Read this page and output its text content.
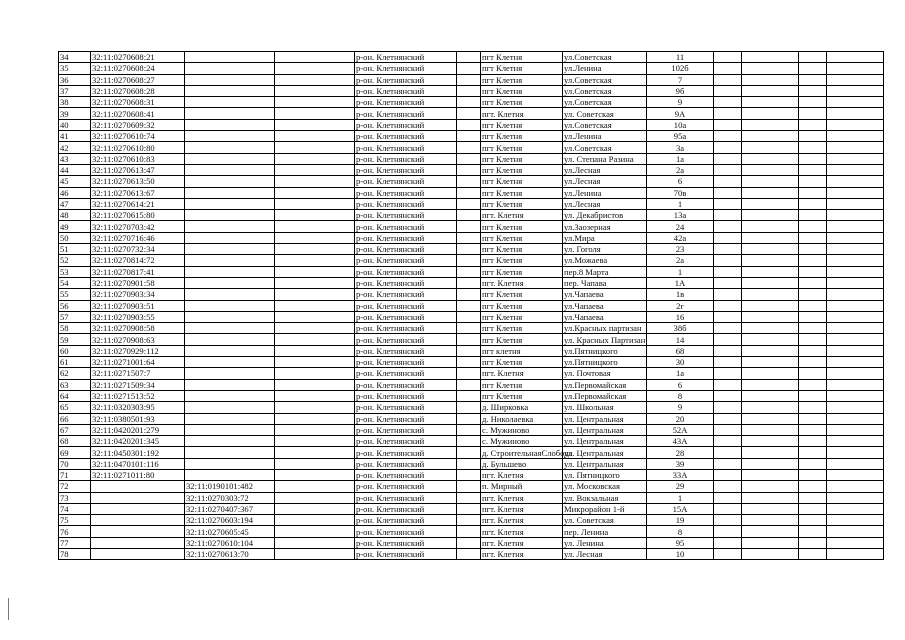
34	32:11:0270608:21			р-он. Клетнянский		пгт Клетня	ул.Советская	11				
35	32:11:0270608:24			р-он. Клетнянский		пгт Клетня	ул.Ленина	102б				
36	32:11:0270608:27			р-он. Клетнянский		пгт Клетня	ул.Советская	7				
37	32:11:0270608:28			р-он. Клетнянский		пгт Клетня	ул.Советская	9б				
38	32:11:0270608:31			р-он. Клетнянский		пгт Клетня	ул.Советская	9				
39	32:11:0270608:41			р-он. Клетнянский		пгт. Клетня	ул. Советская	9А				
40	32:11:0270609:32			р-он. Клетнянский		пгт Клетня	ул.Советская	10а				
41	32:11:0270610:74			р-он. Клетнянский		пгт Клетня	ул.Ленина	95а				
42	32:11:0270610:80			р-он. Клетнянский		пгт Клетня	ул.Советская	3а				
43	32:11:0270610:83			р-он. Клетнянский		пгт Клетня	ул. Степана Разина	1а				
44	32:11:0270613:47			р-он. Клетнянский		пгт Клетня	ул.Лесная	2а				
45	32:11:0270613:50			р-он. Клетнянский		пгт Клетня	ул.Лесная	6				
46	32:11:0270613:67			р-он. Клетнянский		пгт Клетня	ул.Ленина	70в				
47	32:11:0270614:21			р-он. Клетнянский		пгт Клетня	ул.Лесная	1				
48	32:11:0270615:80			р-он. Клетнянский		пгт. Клетня	ул. Декабристов	13а				
49	32:11:0270703:42			р-он. Клетнянский		пгт Клетня	ул.Заозерная	24				
50	32:11:0270716:46			р-он. Клетнянский		пгт Клетня	ул.Мира	42а				
51	32:11:0270732:34			р-он. Клетнянский		пгт Клетня	ул. Гоголя	23				
52	32:11:0270814:72			р-он. Клетнянский		пгт Клетня	ул.Можаева	2а				
53	32:11:0270817:41			р-он. Клетнянский		пгт Клетня	пер.8 Марта	1				
54	32:11:0270901:58			р-он. Клетнянский		пгт. Клетня	пер. Чапава	1А				
55	32:11:0270903:34			р-он. Клетнянский		пгт Клетня	ул.Чапаева	1в				
56	32:11:0270903:51			р-он. Клетнянский		пгт Клетня	ул.Чапаева	2г				
57	32:11:0270903:55			р-он. Клетнянский		пгт Клетня	ул.Чапаева	16				
58	32:11:0270908:58			р-он. Клетнянский		пгт Клетня	ул.Красных партизан	38б				
59	32:11:0270908:63			р-он. Клетнянский		пгт Клетня	ул. Красных Партизан	14				
60	32:11:0270929:112			р-он. Клетнянский		пгт клетня	ул.Пятницкого	68				
61	32:11:0271001:64			р-он. Клетнянский		пгт Клетня	ул.Пятницкого	30				
62	32:11:0271507:7			р-он. Клетнянский		пгт. Клетня	ул. Почтовая	1а				
63	32:11:0271509:34			р-он. Клетнянский		пгт Клетня	ул.Первомайская	6				
64	32:11:0271513:52			р-он. Клетнянский		пгт Клетня	ул.Первомайская	8				
65	32:11:0320303:95			р-он. Клетнянский		д. Ширковка	ул. Школьная	9				
66	32:11:0380501:93			р-он. Клетнянский		д. Николаевка	ул. Центральная	20				
67	32:11:0420201:279			р-он. Клетнянский		с. Мужиново	ул. Центральная	52А				
68	32:11:0420201:345			р-он. Клетнянский		с. Мужиново	ул. Центральная	43А				
69	32:11:0450301:192			р-он. Клетнянский		д. СтроительнаяСлобода	ул. Центральная	28				
70	32:11:0470101:116			р-он. Клетнянский		д. Бульшево	ул. Центральная	39				
71	32:11:0271011:80			р-он. Клетнянский		пгт. Клетня	ул. Пятницкого	33А				
72		32:11:0190101:482		р-он. Клетнянский		п. Мирный	ул. Московская	29				
73		32:11:0270303:72		р-он. Клетнянский		пгт. Клетня	ул. Вокзальная	1				
74		32:11:0270407:367		р-он. Клетнянский		пгт. Клетня	Микрорайон 1-й	15А				
75		32:11:0270603:194		р-он. Клетнянский		пгт. Клетня	ул. Советская	19				
76		32:11:0270605:45		р-он. Клетнянский		пгт. Клетня	пер. Ленина	8				
77		32:11:0270610:104		р-он. Клетнянский		пгт. Клетня	ул. Ленина	95				
78		32:11:0270613:70		р-он. Клетнянский		пгт. Клетня	ул. Лесная	10				
